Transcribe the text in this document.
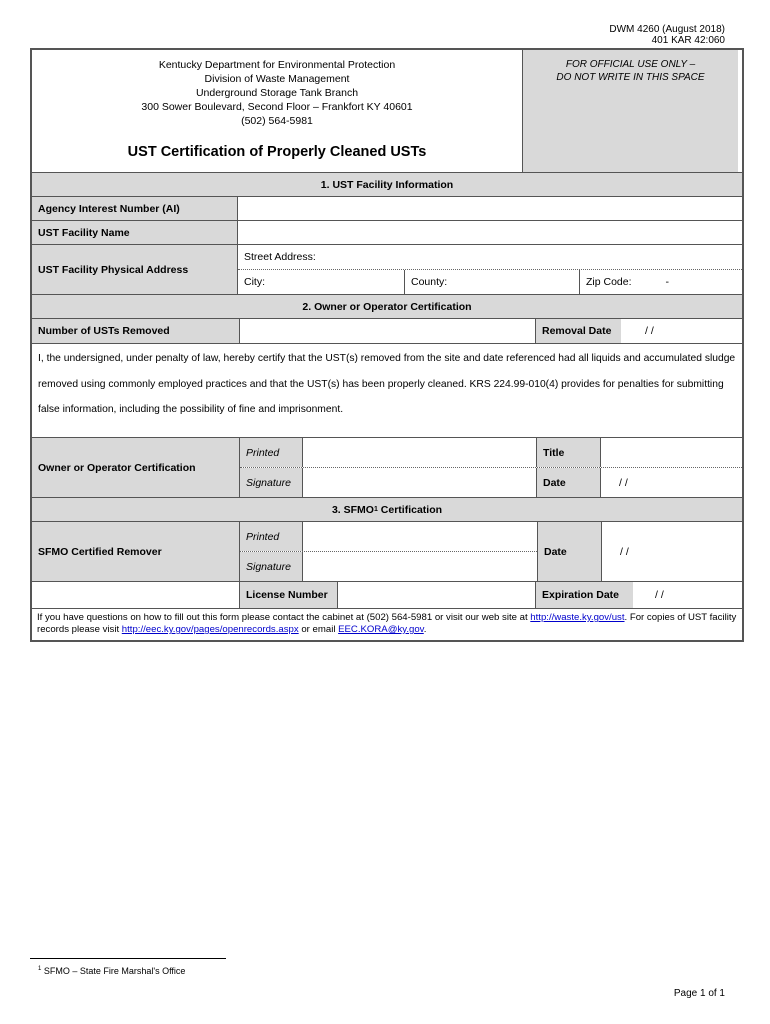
DWM 4260 (August 2018)
401 KAR 42:060
Kentucky Department for Environmental Protection
Division of Waste Management
Underground Storage Tank Branch
300 Sower Boulevard, Second Floor – Frankfort KY 40601
(502) 564-5981
UST Certification of Properly Cleaned USTs
FOR OFFICIAL USE ONLY –
DO NOT WRITE IN THIS SPACE
1. UST Facility Information
Agency Interest Number (AI)
UST Facility Name
UST Facility Physical Address
Street Address:
City:	County:	Zip Code:	-
2. Owner or Operator Certification
Number of USTs Removed	Removal Date	/ /
I, the undersigned, under penalty of law, hereby certify that the UST(s) removed from the site and date referenced had all liquids and accumulated sludge removed using commonly employed practices and that the UST(s) has been properly cleaned. KRS 224.99-010(4) provides for penalties for submitting false information, including the possibility of fine and imprisonment.
Owner or Operator Certification
Printed	Title
Signature	Date	/ /
3. SFMO 1 Certification
SFMO Certified Remover
Printed
Signature
Date	/ /
License Number	Expiration Date	/ /
If you have questions on how to fill out this form please contact the cabinet at (502) 564-5981 or visit our web site at http://waste.ky.gov/ust. For copies of UST facility records please visit http://eec.ky.gov/pages/openrecords.aspx or email EEC.KORA@ky.gov.
$^1$ SFMO – State Fire Marshal's Office
Page 1 of 1
